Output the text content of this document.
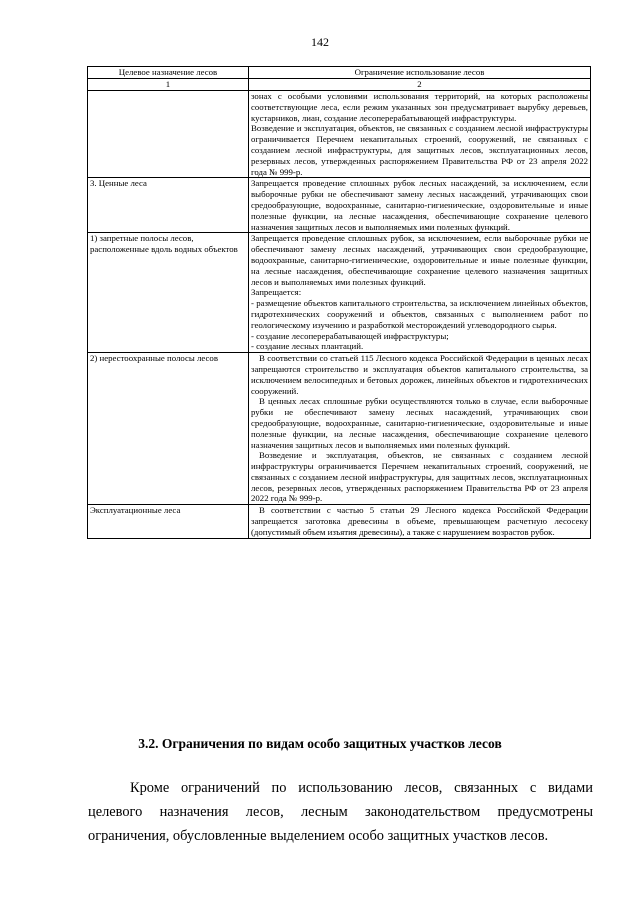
142
Целевое назначение лесов	Ограничение использование лесов
1	2

	зонах с особыми условиями использования территорий, на которых расположены соответствующие леса, если режим указанных зон предусматривает вырубку деревьев, кустарников, лиан, создание лесоперерабатывающей инфраструктуры.

Возведение и эксплуатация, объектов, не связанных с созданием лесной инфраструктуры ограничивается Перечнем некапитальных строений, сооружений, не связанных с созданием лесной инфраструктуры, для защитных лесов, эксплуатационных лесов, резервных лесов, утвержденных распоряжением Правительства РФ от 23 апреля 2022 года № 999-р.

3. Ценные леса	Запрещается проведение сплошных рубок лесных насаждений, за исключением, если выборочные рубки не обеспечивают замену лесных насаждений, утрачивающих свои средообразующие, водоохранные, санитарно-гигиенические, оздоровительные и иные полезные функции, на лесные насаждения, обеспечивающие сохранение целевого назначения защитных лесов и выполняемых ими полезных функций.

1) запретные полосы лесов, расположенные вдоль водных объектов	Запрещается проведение сплошных рубок, за исключением, если выборочные рубки не обеспечивают замену лесных насаждений, утрачивающих свои средообразующие, водоохранные, санитарно-гигиенические, оздоровительные и иные полезные функции, на лесные насаждения, обеспечивающие сохранение целевого назначения защитных лесов и выполняемых ими полезных функций.

Запрещается:

- размещение объектов капитального строительства, за исключением линейных объектов, гидротехнических сооружений и объектов, связанных с выполнением работ по геологическому изучению и разработкой месторождений углеводородного сырья.

- создание лесоперерабатывающей инфраструктуры;

- создание лесных плантаций.

2) нерестоохранные полосы лесов	В соответствии со статьей 115 Лесного кодекса Российской Федерации в ценных лесах запрещаются строительство и эксплуатация объектов капитального строительства, за исключением велосипедных и бетовых дорожек, линейных объектов и гидротехнических сооружений.

В ценных лесах сплошные рубки осуществляются только в случае, если выборочные рубки не обеспечивают замену лесных насаждений, утрачивающих свои средообразующие, водоохранные, санитарно-гигиенические, оздоровительные и иные полезные функции, на лесные насаждения, обеспечивающие сохранение целевого назначения защитных лесов и выполняемых ими полезных функций.

Возведение и эксплуатация, объектов, не связанных с созданием лесной инфраструктуры ограничивается Перечнем некапитальных строений, сооружений, не связанных с созданием лесной инфраструктуры, для защитных лесов, эксплуатационных лесов, резервных лесов, утвержденных распоряжением Правительства РФ от 23 апреля 2022 года № 999-р.

Эксплуатационные леса	В соответствии с частью 5 статьи 29 Лесного кодекса Российской Федерации запрещается заготовка древесины в объеме, превышающем расчетную лесосеку (допустимый объем изъятия древесины), а также с нарушением возрастов рубок.

3.2. Ограничения по видам особо защитных участков лесов

Кроме ограничений по использованию лесов, связанных с видами целевого назначения лесов, лесным законодательством предусмотрены ограничения, обусловленные выделением особо защитных участков лесов.
